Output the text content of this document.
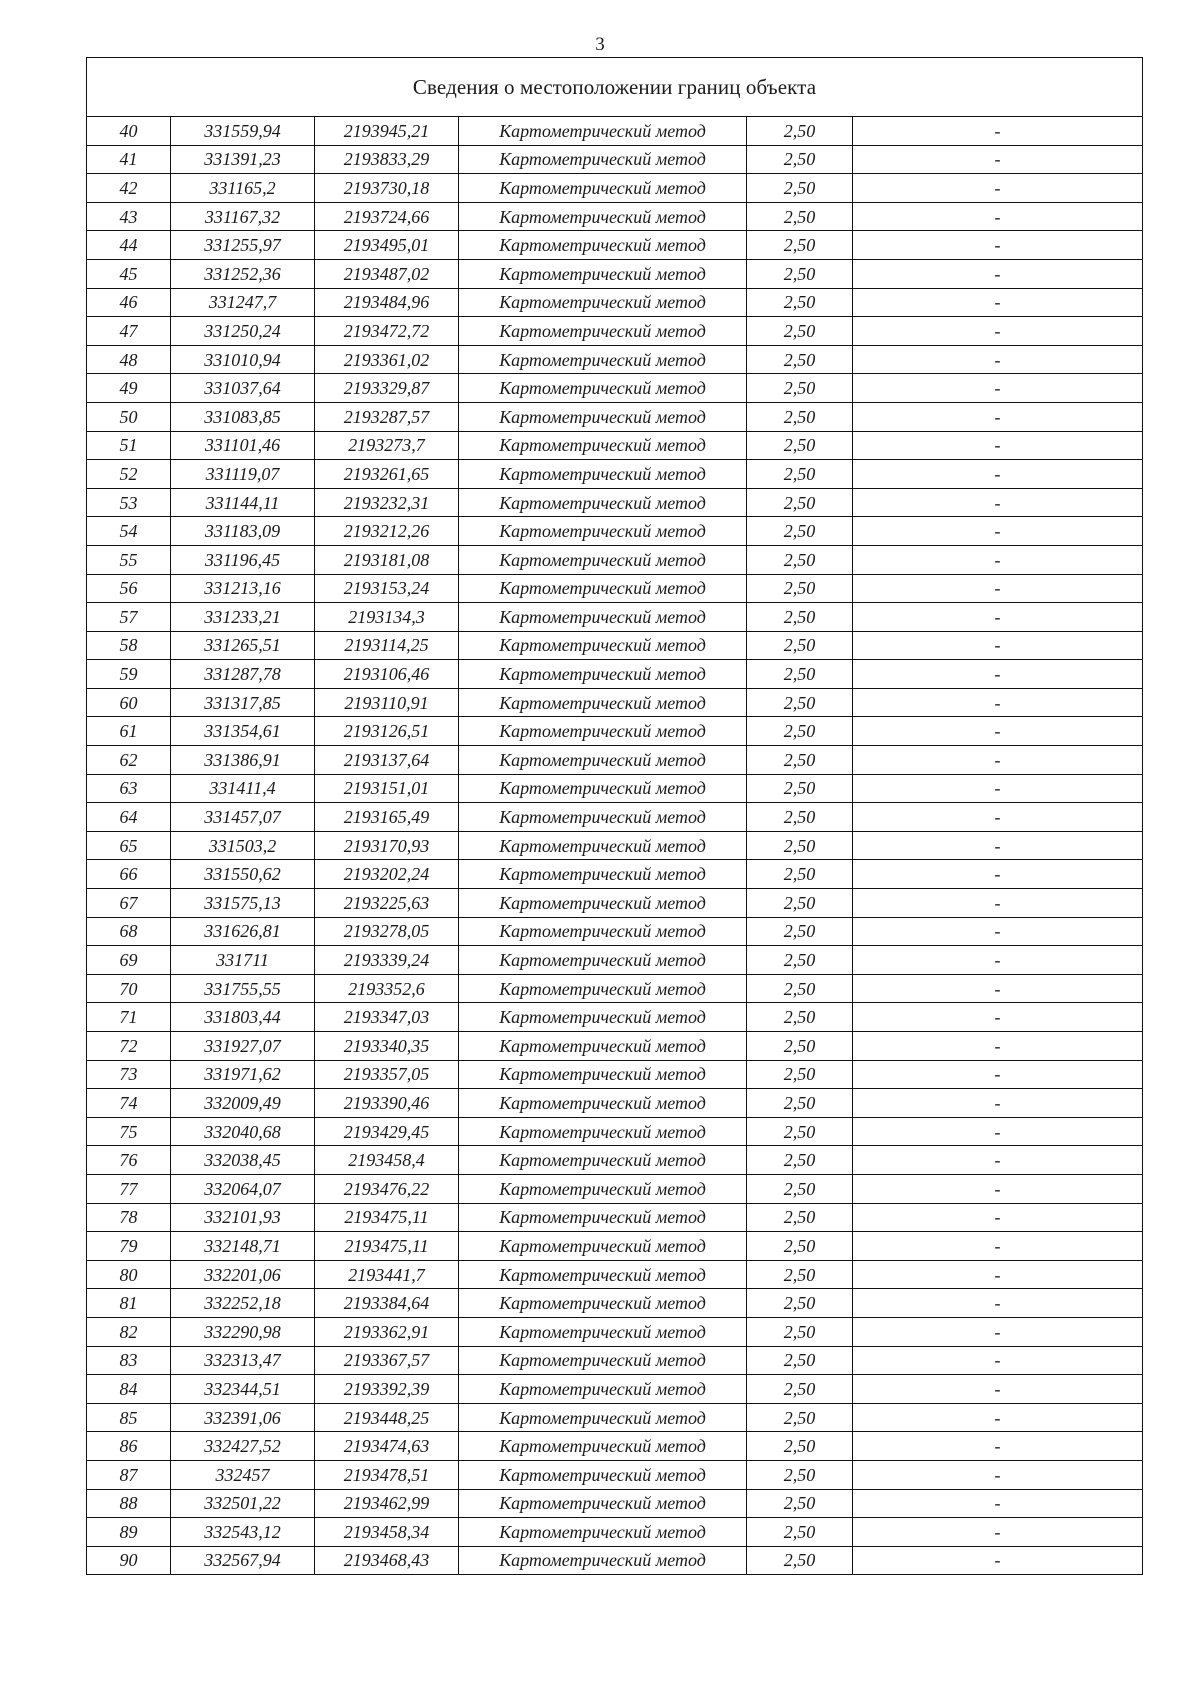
3
Сведения о местоположении границ объекта					
40	331559,94	2193945,21	Картометрический метод	2,50	-
41	331391,23	2193833,29	Картометрический метод	2,50	-
42	331165,2	2193730,18	Картометрический метод	2,50	-
43	331167,32	2193724,66	Картометрический метод	2,50	-
44	331255,97	2193495,01	Картометрический метод	2,50	-
45	331252,36	2193487,02	Картометрический метод	2,50	-
46	331247,7	2193484,96	Картометрический метод	2,50	-
47	331250,24	2193472,72	Картометрический метод	2,50	-
48	331010,94	2193361,02	Картометрический метод	2,50	-
49	331037,64	2193329,87	Картометрический метод	2,50	-
50	331083,85	2193287,57	Картометрический метод	2,50	-
51	331101,46	2193273,7	Картометрический метод	2,50	-
52	331119,07	2193261,65	Картометрический метод	2,50	-
53	331144,11	2193232,31	Картометрический метод	2,50	-
54	331183,09	2193212,26	Картометрический метод	2,50	-
55	331196,45	2193181,08	Картометрический метод	2,50	-
56	331213,16	2193153,24	Картометрический метод	2,50	-
57	331233,21	2193134,3	Картометрический метод	2,50	-
58	331265,51	2193114,25	Картометрический метод	2,50	-
59	331287,78	2193106,46	Картометрический метод	2,50	-
60	331317,85	2193110,91	Картометрический метод	2,50	-
61	331354,61	2193126,51	Картометрический метод	2,50	-
62	331386,91	2193137,64	Картометрический метод	2,50	-
63	331411,4	2193151,01	Картометрический метод	2,50	-
64	331457,07	2193165,49	Картометрический метод	2,50	-
65	331503,2	2193170,93	Картометрический метод	2,50	-
66	331550,62	2193202,24	Картометрический метод	2,50	-
67	331575,13	2193225,63	Картометрический метод	2,50	-
68	331626,81	2193278,05	Картометрический метод	2,50	-
69	331711	2193339,24	Картометрический метод	2,50	-
70	331755,55	2193352,6	Картометрический метод	2,50	-
71	331803,44	2193347,03	Картометрический метод	2,50	-
72	331927,07	2193340,35	Картометрический метод	2,50	-
73	331971,62	2193357,05	Картометрический метод	2,50	-
74	332009,49	2193390,46	Картометрический метод	2,50	-
75	332040,68	2193429,45	Картометрический метод	2,50	-
76	332038,45	2193458,4	Картометрический метод	2,50	-
77	332064,07	2193476,22	Картометрический метод	2,50	-
78	332101,93	2193475,11	Картометрический метод	2,50	-
79	332148,71	2193475,11	Картометрический метод	2,50	-
80	332201,06	2193441,7	Картометрический метод	2,50	-
81	332252,18	2193384,64	Картометрический метод	2,50	-
82	332290,98	2193362,91	Картометрический метод	2,50	-
83	332313,47	2193367,57	Картометрический метод	2,50	-
84	332344,51	2193392,39	Картометрический метод	2,50	-
85	332391,06	2193448,25	Картометрический метод	2,50	-
86	332427,52	2193474,63	Картометрический метод	2,50	-
87	332457	2193478,51	Картометрический метод	2,50	-
88	332501,22	2193462,99	Картометрический метод	2,50	-
89	332543,12	2193458,34	Картометрический метод	2,50	-
90	332567,94	2193468,43	Картометрический метод	2,50	-
